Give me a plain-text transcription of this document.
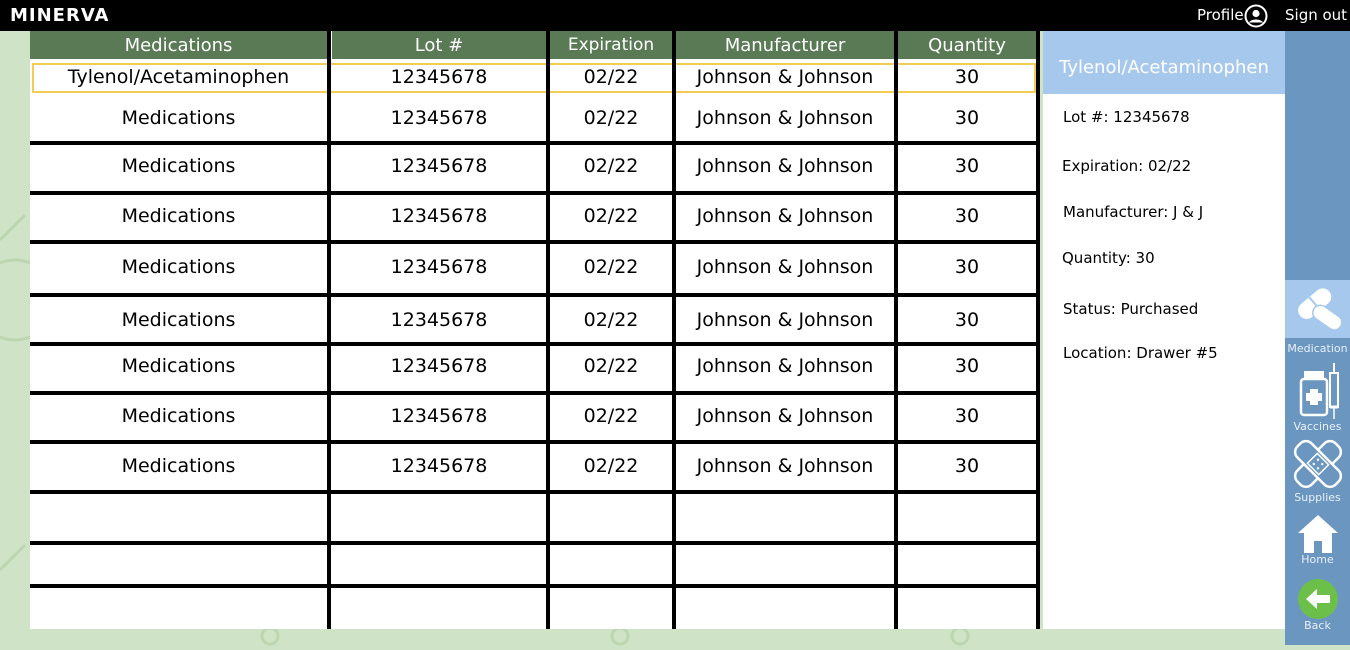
MINERVA	Profile	Sign out
Medications	Lot #	Expiration	Manufacturer	Quantity
Tylenol/Acetaminophen	12345678	02/22	Johnson & Johnson	30
Medications	12345678	02/22	Johnson & Johnson	30
Medications	12345678	02/22	Johnson & Johnson	30
Medications	12345678	02/22	Johnson & Johnson	30
Medications	12345678	02/22	Johnson & Johnson	30
Medications	12345678	02/22	Johnson & Johnson	30
Medications	12345678	02/22	Johnson & Johnson	30
Medications	12345678	02/22	Johnson & Johnson	30
Medications	12345678	02/22	Johnson & Johnson	30
Tylenol/Acetaminophen
Lot #: 12345678
Expiration: 02/22
Manufacturer: J & J
Quantity: 30
Status: Purchased
Location: Drawer #5	Medication
Vaccines
Supplies
Home
Back
